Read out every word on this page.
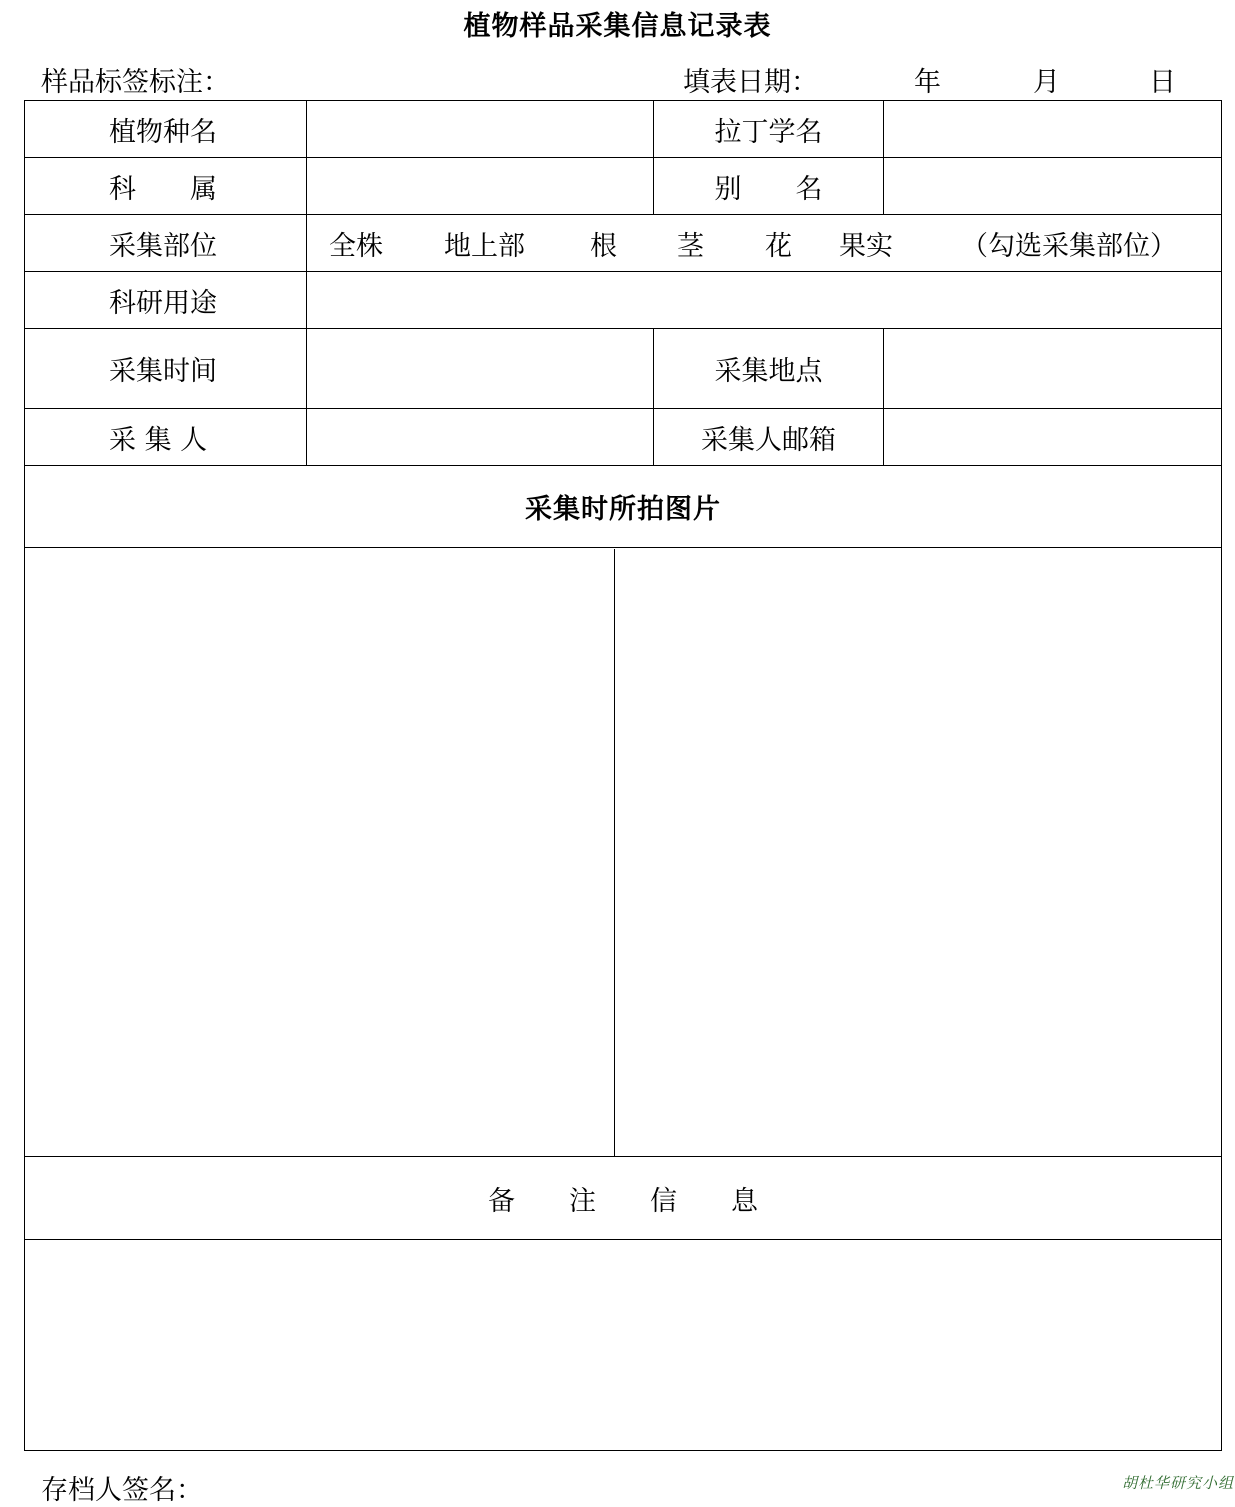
植物样品采集信息记录表
样品标签标注：	填表日期：	年	月	日
植物种名		拉丁学名	
科　　属		别　　名	
采集部位	全株 地上部 根 茎 花 果实	（勾选采集部位）
科研用途	
采集时间		采集地点	
采 集 人		采集人邮箱	
采集时所拍图片

备 注 信 息

存档人签名：	胡杜华研究小组
